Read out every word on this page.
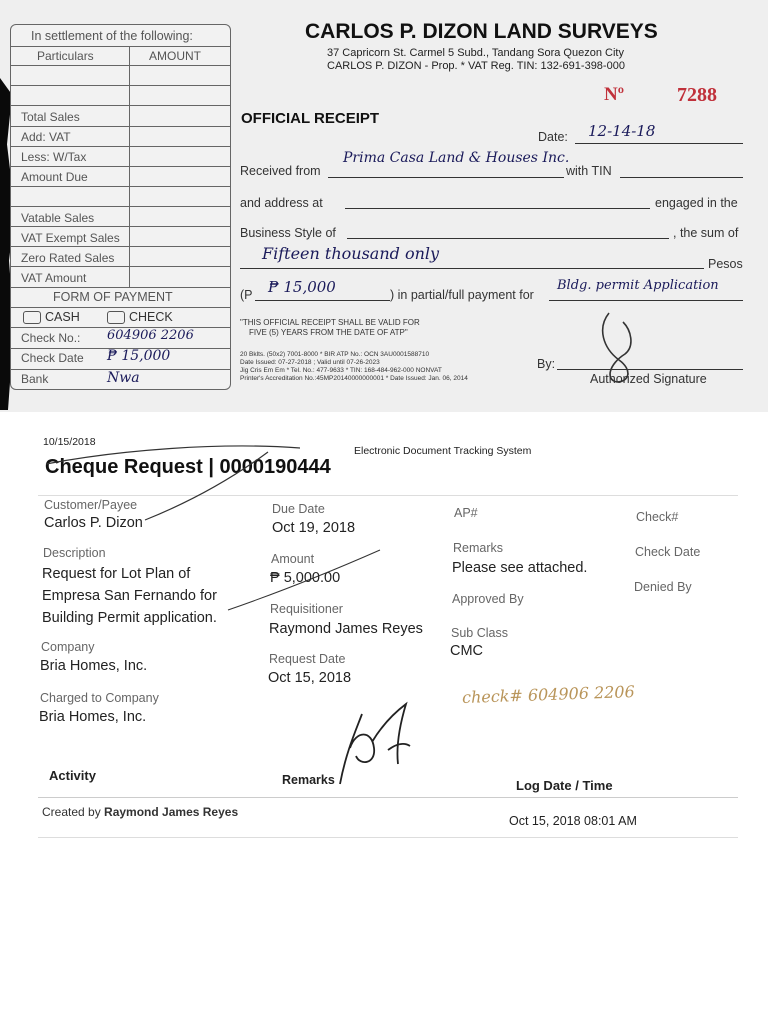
In settlement of the following:
Particulars	AMOUNT
Total Sales
Add: VAT
Less: W/Tax
Amount Due
Vatable Sales
VAT Exempt Sales
Zero Rated Sales
VAT Amount
FORM OF PAYMENT
CASH	CHECK
Check No.: 604906 2206
Check Date ₱ 15,000
Bank	Nwa
CARLOS P. DIZON LAND SURVEYS
37 Capricorn St. Carmel 5 Subd., Tandang Sora Quezon City
CARLOS P. DIZON - Prop. * VAT Reg. TIN: 132-691-398-000
Nº	7288
OFFICIAL RECEIPT
Date: 12-14-18
Received from
Prima Casa Land & Houses Inc.
with TIN
and address at	engaged in the
Business Style of	, the sum of
Fifteen thousand only
Pesos
(P ₱ 15,000	) in partial/full payment for
Bldg. permit Application
"THIS OFFICIAL RECEIPT SHALL BE VALID FOR
FIVE (5) YEARS FROM THE DATE OF ATP"
20 Bklts. (50x2) 7001-8000 * BIR ATP No.: OCN 3AU0001588710
Date Issued: 07-27-2018 ; Valid until 07-26-2023
Jig Cris Em Em * Tel. No.: 477-9633 * TIN: 168-484-962-000 NONVAT
Printer's Accreditation No.:45MP20140000000001 * Date Issued: Jan. 06, 2014
By:
Authorized Signature
10/15/2018
Electronic Document Tracking System
Cheque Request | 0000190444
Customer/Payee
Carlos P. Dizon
Description
Request for Lot Plan of
Empresa San Fernando for
Building Permit application.
Company
Bria Homes, Inc.
Charged to Company
Bria Homes, Inc.
Due Date
Oct 19, 2018
Amount
₱ 5,000.00
Requisitioner
Raymond James Reyes
Request Date
Oct 15, 2018
AP#
Remarks
Please see attached.
Approved By
Sub Class
CMC
Check#
Check Date
Denied By
check# 604906 2206
Activity	Remarks	Log Date / Time
Created by Raymond James Reyes
Oct 15, 2018 08:01 AM
